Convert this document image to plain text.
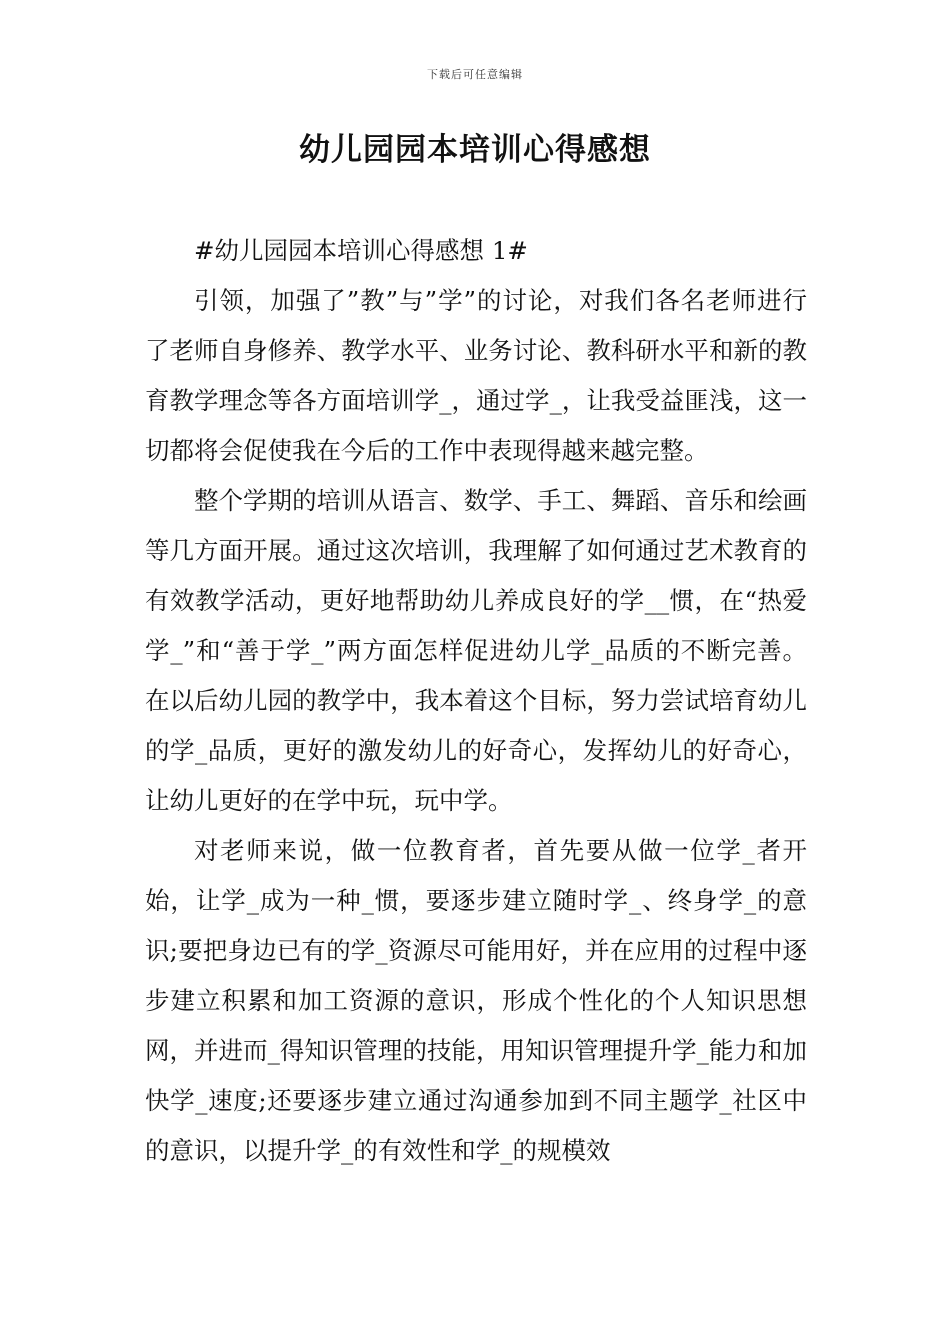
下载后可任意编辑
幼儿园园本培训心得感想

#幼儿园园本培训心得感想 1#

引领，加强了”教”与”学”的讨论，对我们各名老师进行了老师自身修养、教学水平、业务讨论、教科研水平和新的教育教学理念等各方面培训学_，通过学_，让我受益匪浅，这一切都将会促使我在今后的工作中表现得越来越完整。

整个学期的培训从语言、数学、手工、舞蹈、音乐和绘画等几方面开展。通过这次培训，我理解了如何通过艺术教育的有效教学活动，更好地帮助幼儿养成良好的学__惯，在“热爱学_”和“善于学_”两方面怎样促进幼儿学_品质的不断完善。在以后幼儿园的教学中，我本着这个目标，努力尝试培育幼儿的学_品质，更好的激发幼儿的好奇心，发挥幼儿的好奇心，让幼儿更好的在学中玩，玩中学。

对老师来说，做一位教育者，首先要从做一位学_者开始，让学_成为一种_惯，要逐步建立随时学_、终身学_的意识;要把身边已有的学_资源尽可能用好，并在应用的过程中逐步建立积累和加工资源的意识，形成个性化的个人知识思想网，并进而_得知识管理的技能，用知识管理提升学_能力和加快学_速度;还要逐步建立通过沟通参加到不同主题学_社区中的意识，以提升学_的有效性和学_的规模效
